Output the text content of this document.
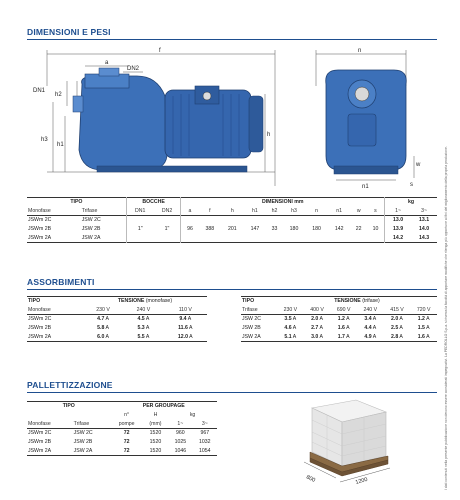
DIMENSIONI E PESI
f
a
DN2
DN1
h2
h3
h1
h
n
n1	s
w
TIPO		BOCCHE		DIMENSIONI mm										kg	
Monofase	Trifase	DN1	DN2	a	f	h	h1	h2	h3	n	n1	w	s	1~	3~
JSWm 2C	JSW 2C	1"	1"	96	388	201	147	33	180	180	142	22	10	13.0	13.1
JSWm 2B	JSW 2B													13.9	14.0
JSWm 2A	JSW 2A													14.2	14.3
ASSORBIMENTI
TIPO	TENSIONE (monofase)		
Monofase	230 V	240 V	110 V
JSWm 2C	4.7 A	4.5 A	9.4 A
JSWm 2B	5.8 A	5.3 A	11.6 A
JSWm 2A	6.0 A	5.5 A	12.0 A
TIPO	TENSIONE (trifase)					
Trifase	230 V	400 V	690 V	240 V	415 V	720 V
JSW 2C	3.5 A	2.0 A	1.2 A	3.4 A	2.0 A	1.2 A
JSW 2B	4.6 A	2.7 A	1.6 A	4.4 A	2.5 A	1.5 A
JSW 2A	5.1 A	3.0 A	1.7 A	4.9 A	2.8 A	1.6 A
PALLETTIZZAZIONE
TIPO		PER GROUPAGE			
		n°	H	kg	
Monofase	Trifase	pompe	(mm)	1~	3~
JSWm 2C	JSW 2C	72	1520	960	967
JSWm 2B	JSW 2B	72	1520	1025	1032
JSWm 2A	JSW 2A	72	1520	1046	1054
800	1200	I dati contenuti nella presente pubblicazione non devono essere considerati impegnativi. La PEDROLLO S.p.a. si riserva la facoltà di apportare modifiche che ritenga più opportune ai fini del miglioramento della propria produzione.
